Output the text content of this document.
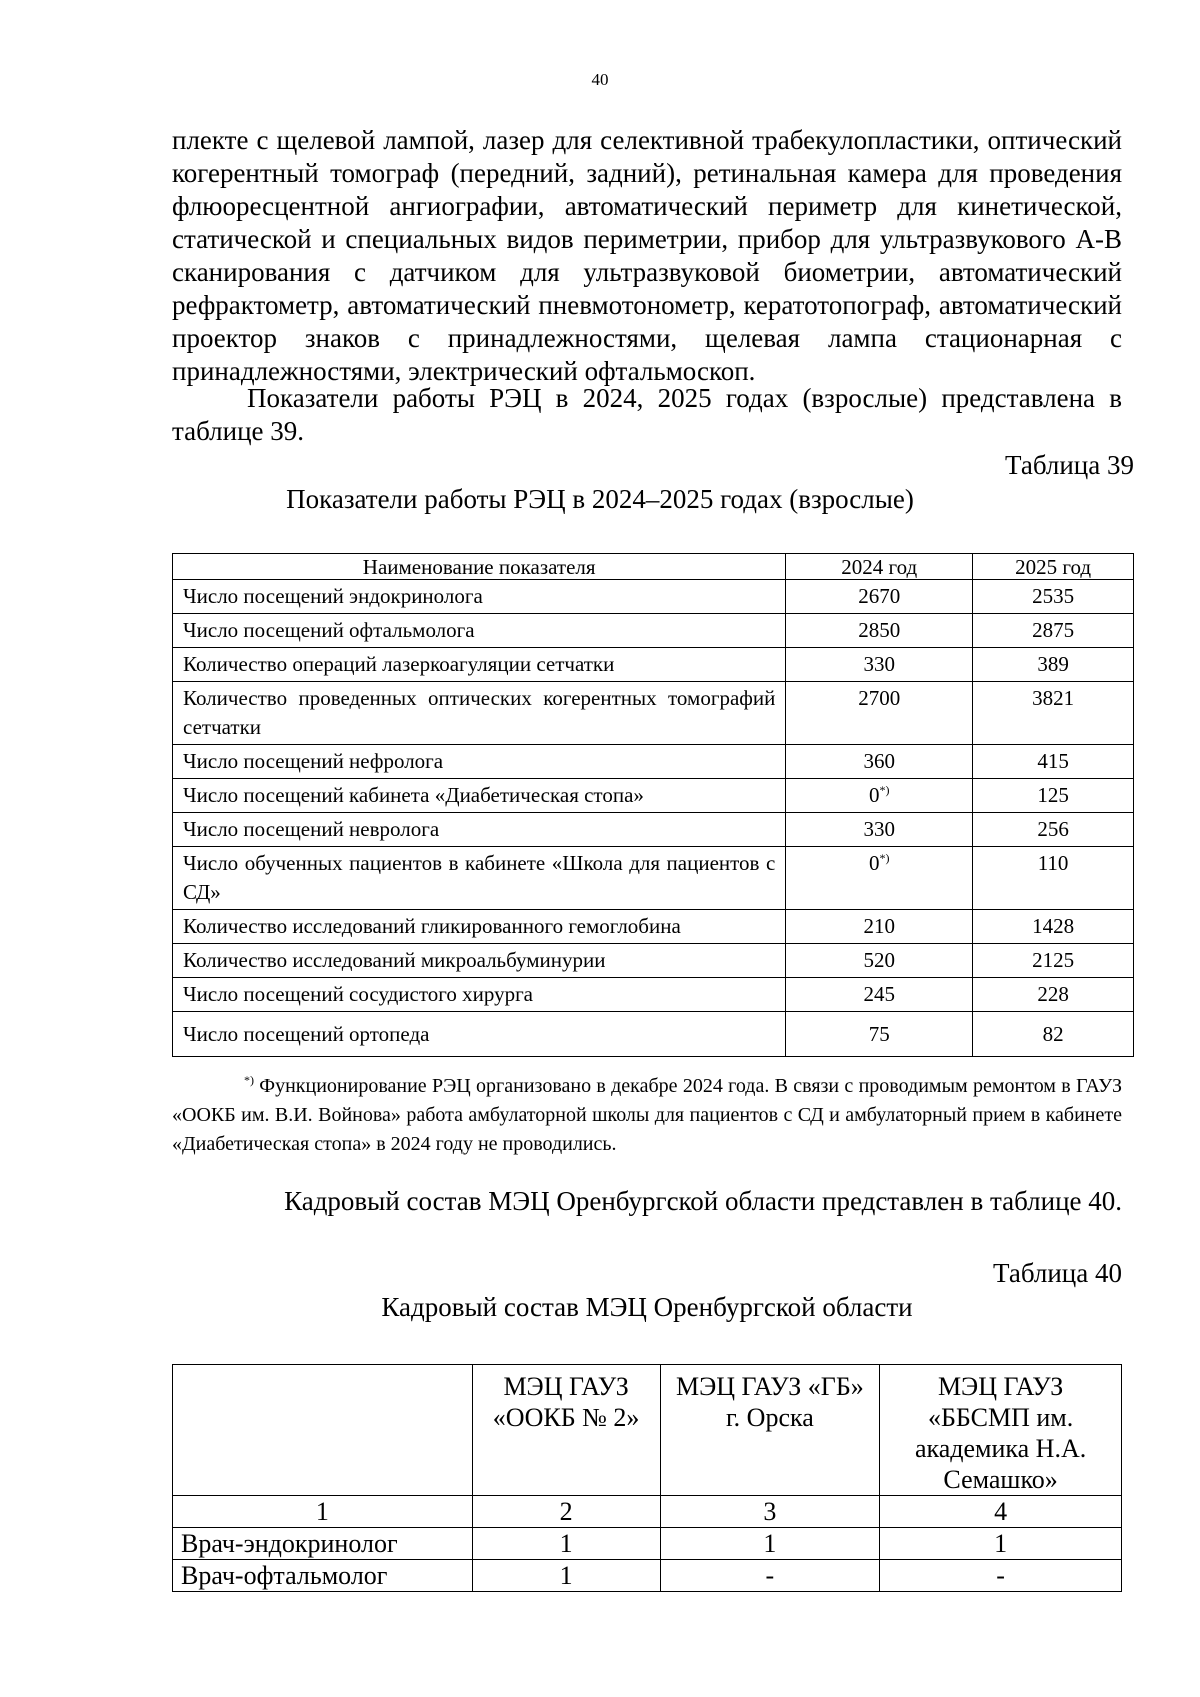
40

плекте с щелевой лампой, лазер для селективной трабекулопластики, оптический когерентный томограф (передний, задний), ретинальная камера для проведения флюоресцентной ангиографии, автоматический периметр для кинетической, статической и специальных видов периметрии, прибор для ультразвукового А-В сканирования с датчиком для ультразвуковой биометрии, автоматический рефрактометр, автоматический пневмотонометр, кератотопограф, автоматический проектор знаков с принадлежностями, щелевая лампа стационарная с принадлежностями, электрический офтальмоскоп.

Показатели работы РЭЦ в 2024, 2025 годах (взрослые) представлена в таблице 39.

Таблица 39
Показатели работы РЭЦ в 2024–2025 годах (взрослые)
Наименование показателя	2024 год	2025 год
Число посещений эндокринолога	2670	2535
Число посещений офтальмолога	2850	2875
Количество операций лазеркоагуляции сетчатки	330	389
Количество проведенных оптических когерентных томографий сетчатки	2700	3821
Число посещений нефролога	360	415
Число посещений кабинета «Диабетическая стопа»	0*)	125
Число посещений невролога	330	256
Число обученных пациентов в кабинете «Школа для пациентов с СД»	0*)	110
Количество исследований гликированного гемоглобина	210	1428
Количество исследований микроальбуминурии	520	2125
Число посещений сосудистого хирурга	245	228
Число посещений ортопеда	75	82

*) Функционирование РЭЦ организовано в декабре 2024 года. В связи с проводимым ремонтом в ГАУЗ «ООКБ им. В.И. Войнова» работа амбулаторной школы для пациентов с СД и амбулаторный прием в кабинете «Диабетическая стопа» в 2024 году не проводились.

Кадровый состав МЭЦ Оренбургской области представлен в таблице 40.

Таблица 40
Кадровый состав МЭЦ Оренбургской области
	МЭЦ ГАУЗ «ООКБ № 2»	МЭЦ ГАУЗ «ГБ» г. Орска	МЭЦ ГАУЗ «ББСМП им. академика Н.А. Семашко»
1	2	3	4
Врач-эндокринолог	1	1	1
Врач-офтальмолог	1	-	-
